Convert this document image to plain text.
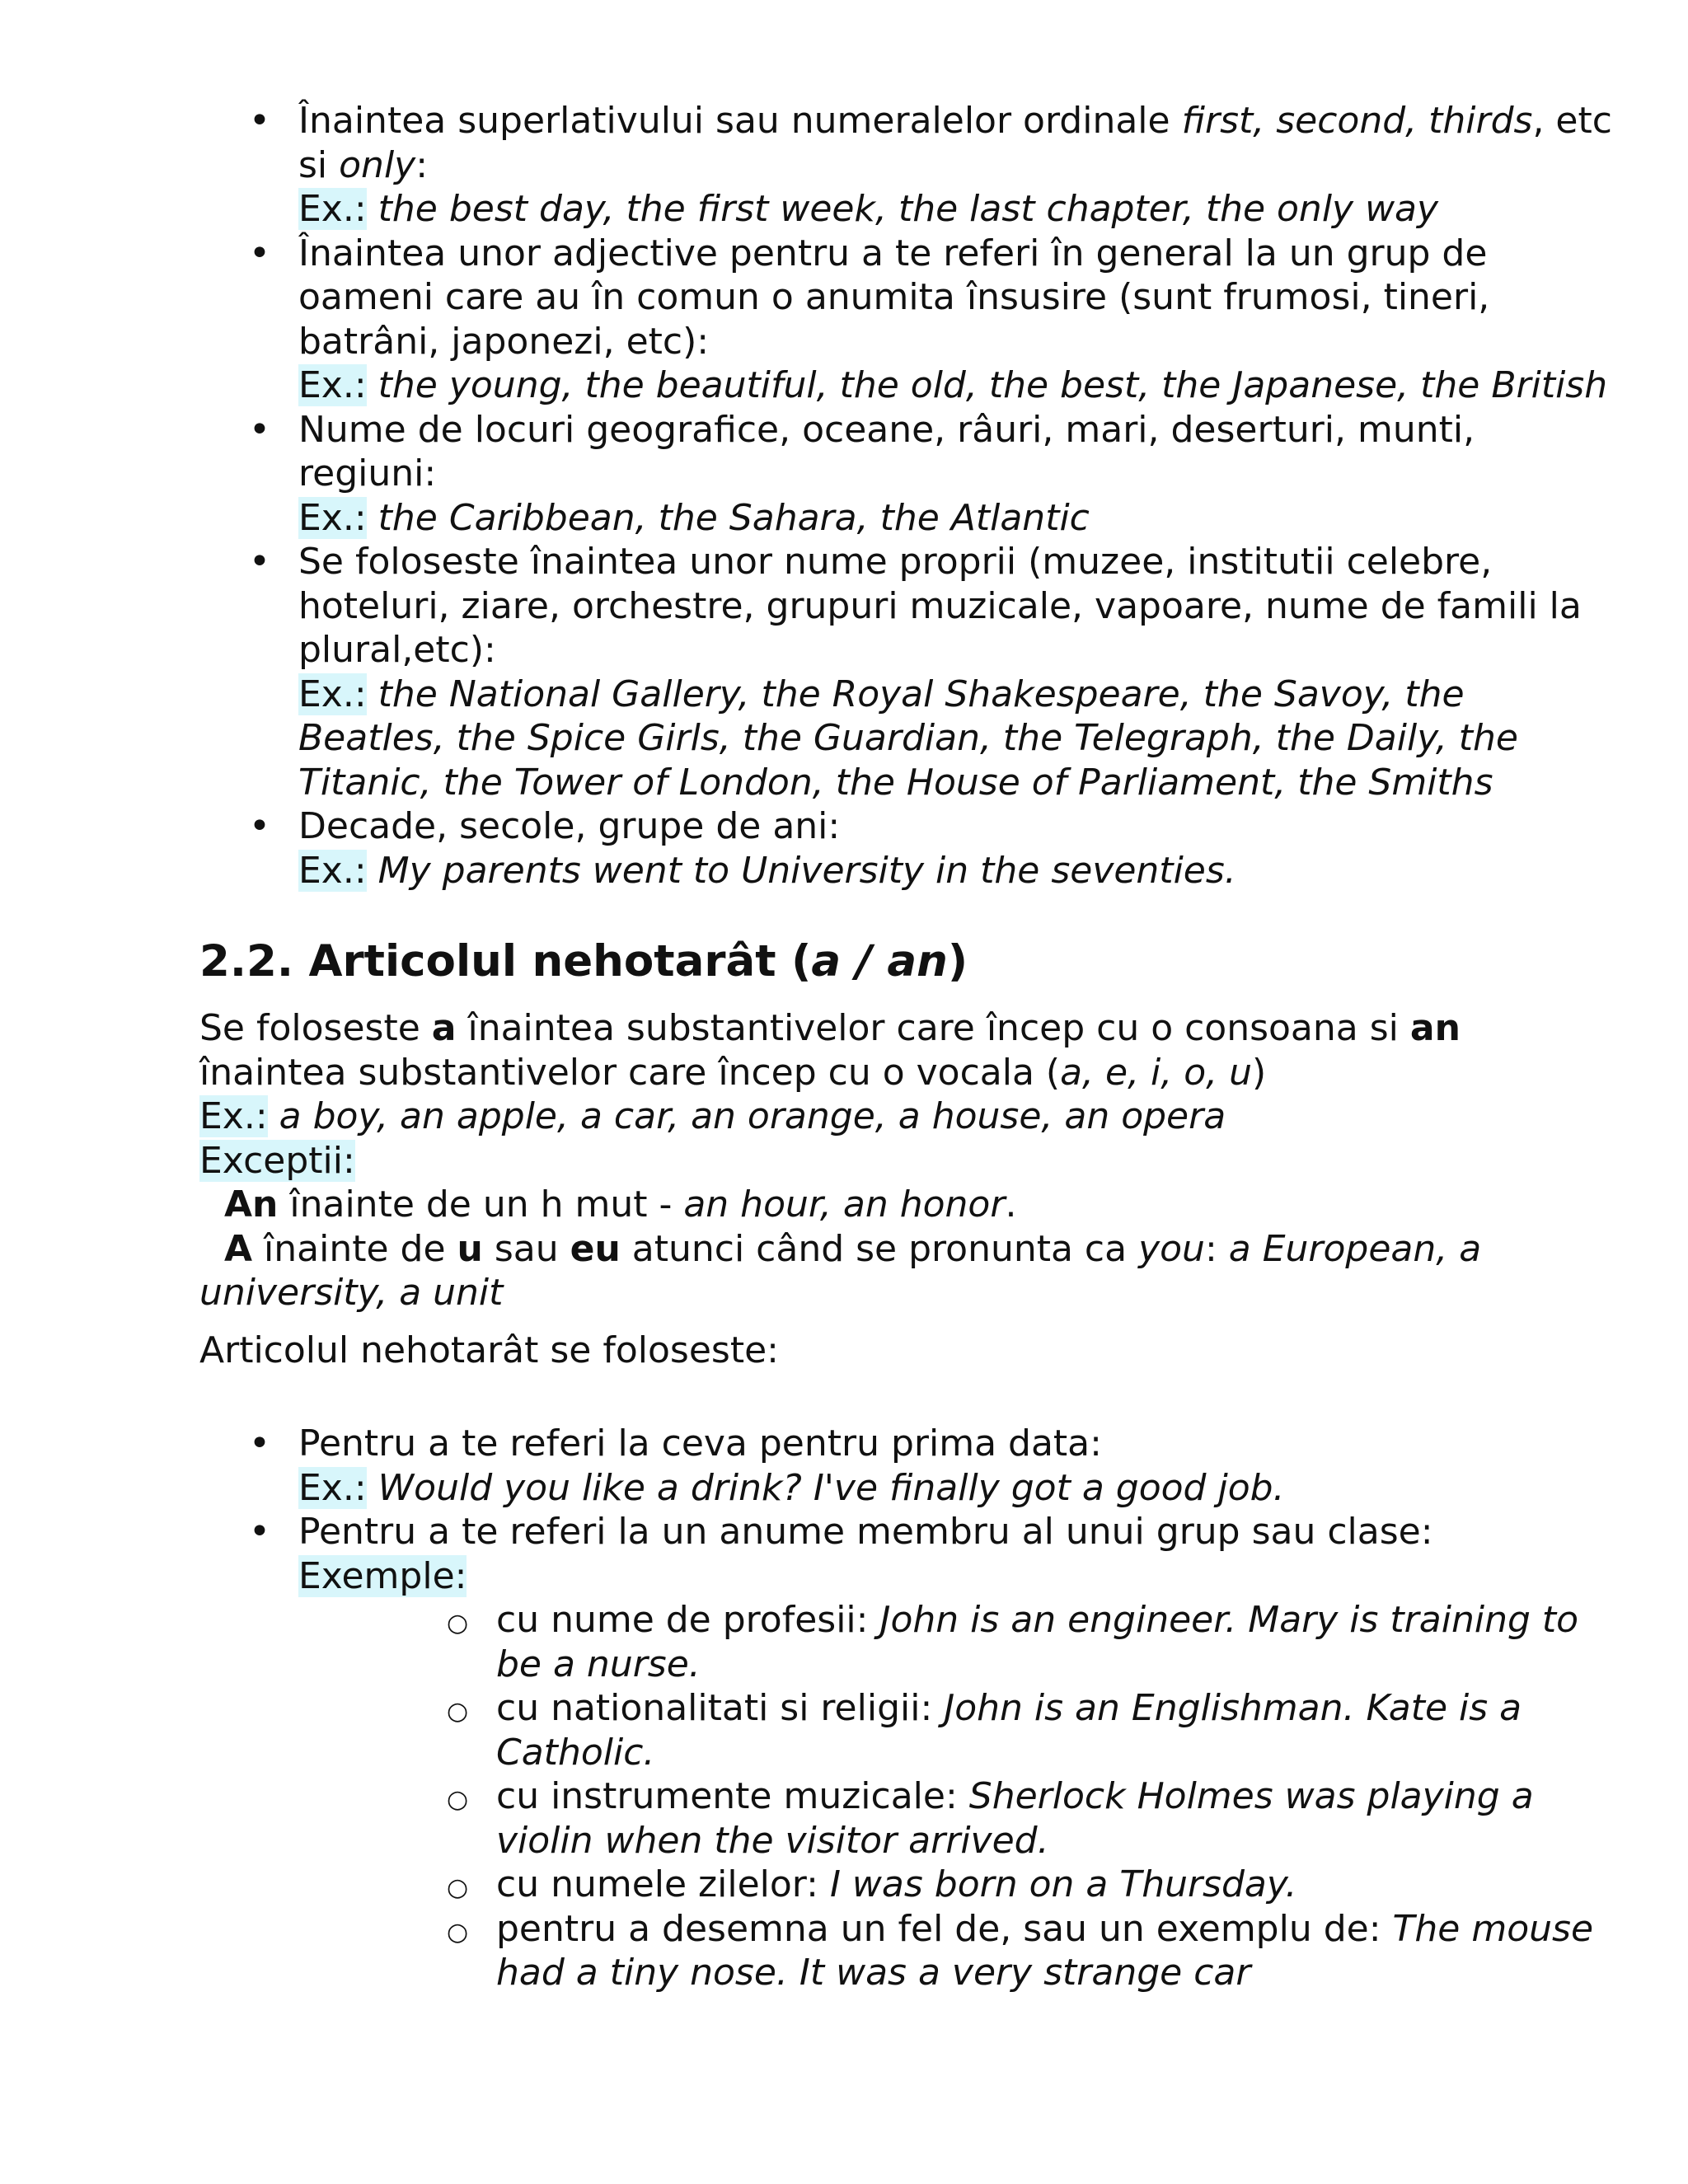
• Înaintea superlativului sau numeralelor ordinale first, second, thirds, etc si only:
Ex.: the best day, the first week, the last chapter, the only way
• Înaintea unor adjective pentru a te referi în general la un grup de oameni care au în comun o anumita însusire (sunt frumosi, tineri, batrâni, japonezi, etc):
Ex.: the young, the beautiful, the old, the best, the Japanese, the British
• Nume de locuri geografice, oceane, râuri, mari, deserturi, munti, regiuni:
Ex.: the Caribbean, the Sahara, the Atlantic
• Se foloseste înaintea unor nume proprii (muzee, institutii celebre, hoteluri, ziare, orchestre, grupuri muzicale, vapoare, nume de famili la plural,etc):
Ex.: the National Gallery, the Royal Shakespeare, the Savoy, the Beatles, the Spice Girls, the Guardian, the Telegraph, the Daily, the Titanic, the Tower of London, the House of Parliament, the Smiths
• Decade, secole, grupe de ani:
Ex.: My parents went to University in the seventies.
2.2. Articolul nehotarât (a / an)

Se foloseste a înaintea substantivelor care încep cu o consoana si an înaintea substantivelor care încep cu o vocala (a, e, i, o, u)

Ex.: a boy, an apple, a car, an orange, a house, an opera

Exceptii:

An înainte de un h mut - an hour, an honor.

A înainte de u sau eu atunci când se pronunta ca you: a European, a university, a unit

Articolul nehotarât se foloseste:

• Pentru a te referi la ceva pentru prima data:
Ex.: Would you like a drink? I've finally got a good job.
• Pentru a te referi la un anume membru al unui grup sau clase:
Exemple:
○ cu nume de profesii: John is an engineer. Mary is training to be a nurse.
○ cu nationalitati si religii: John is an Englishman. Kate is a Catholic.
○ cu instrumente muzicale: Sherlock Holmes was playing a violin when the visitor arrived.
○ cu numele zilelor: I was born on a Thursday.
○ pentru a desemna un fel de, sau un exemplu de: The mouse had a tiny nose. It was a very strange car
